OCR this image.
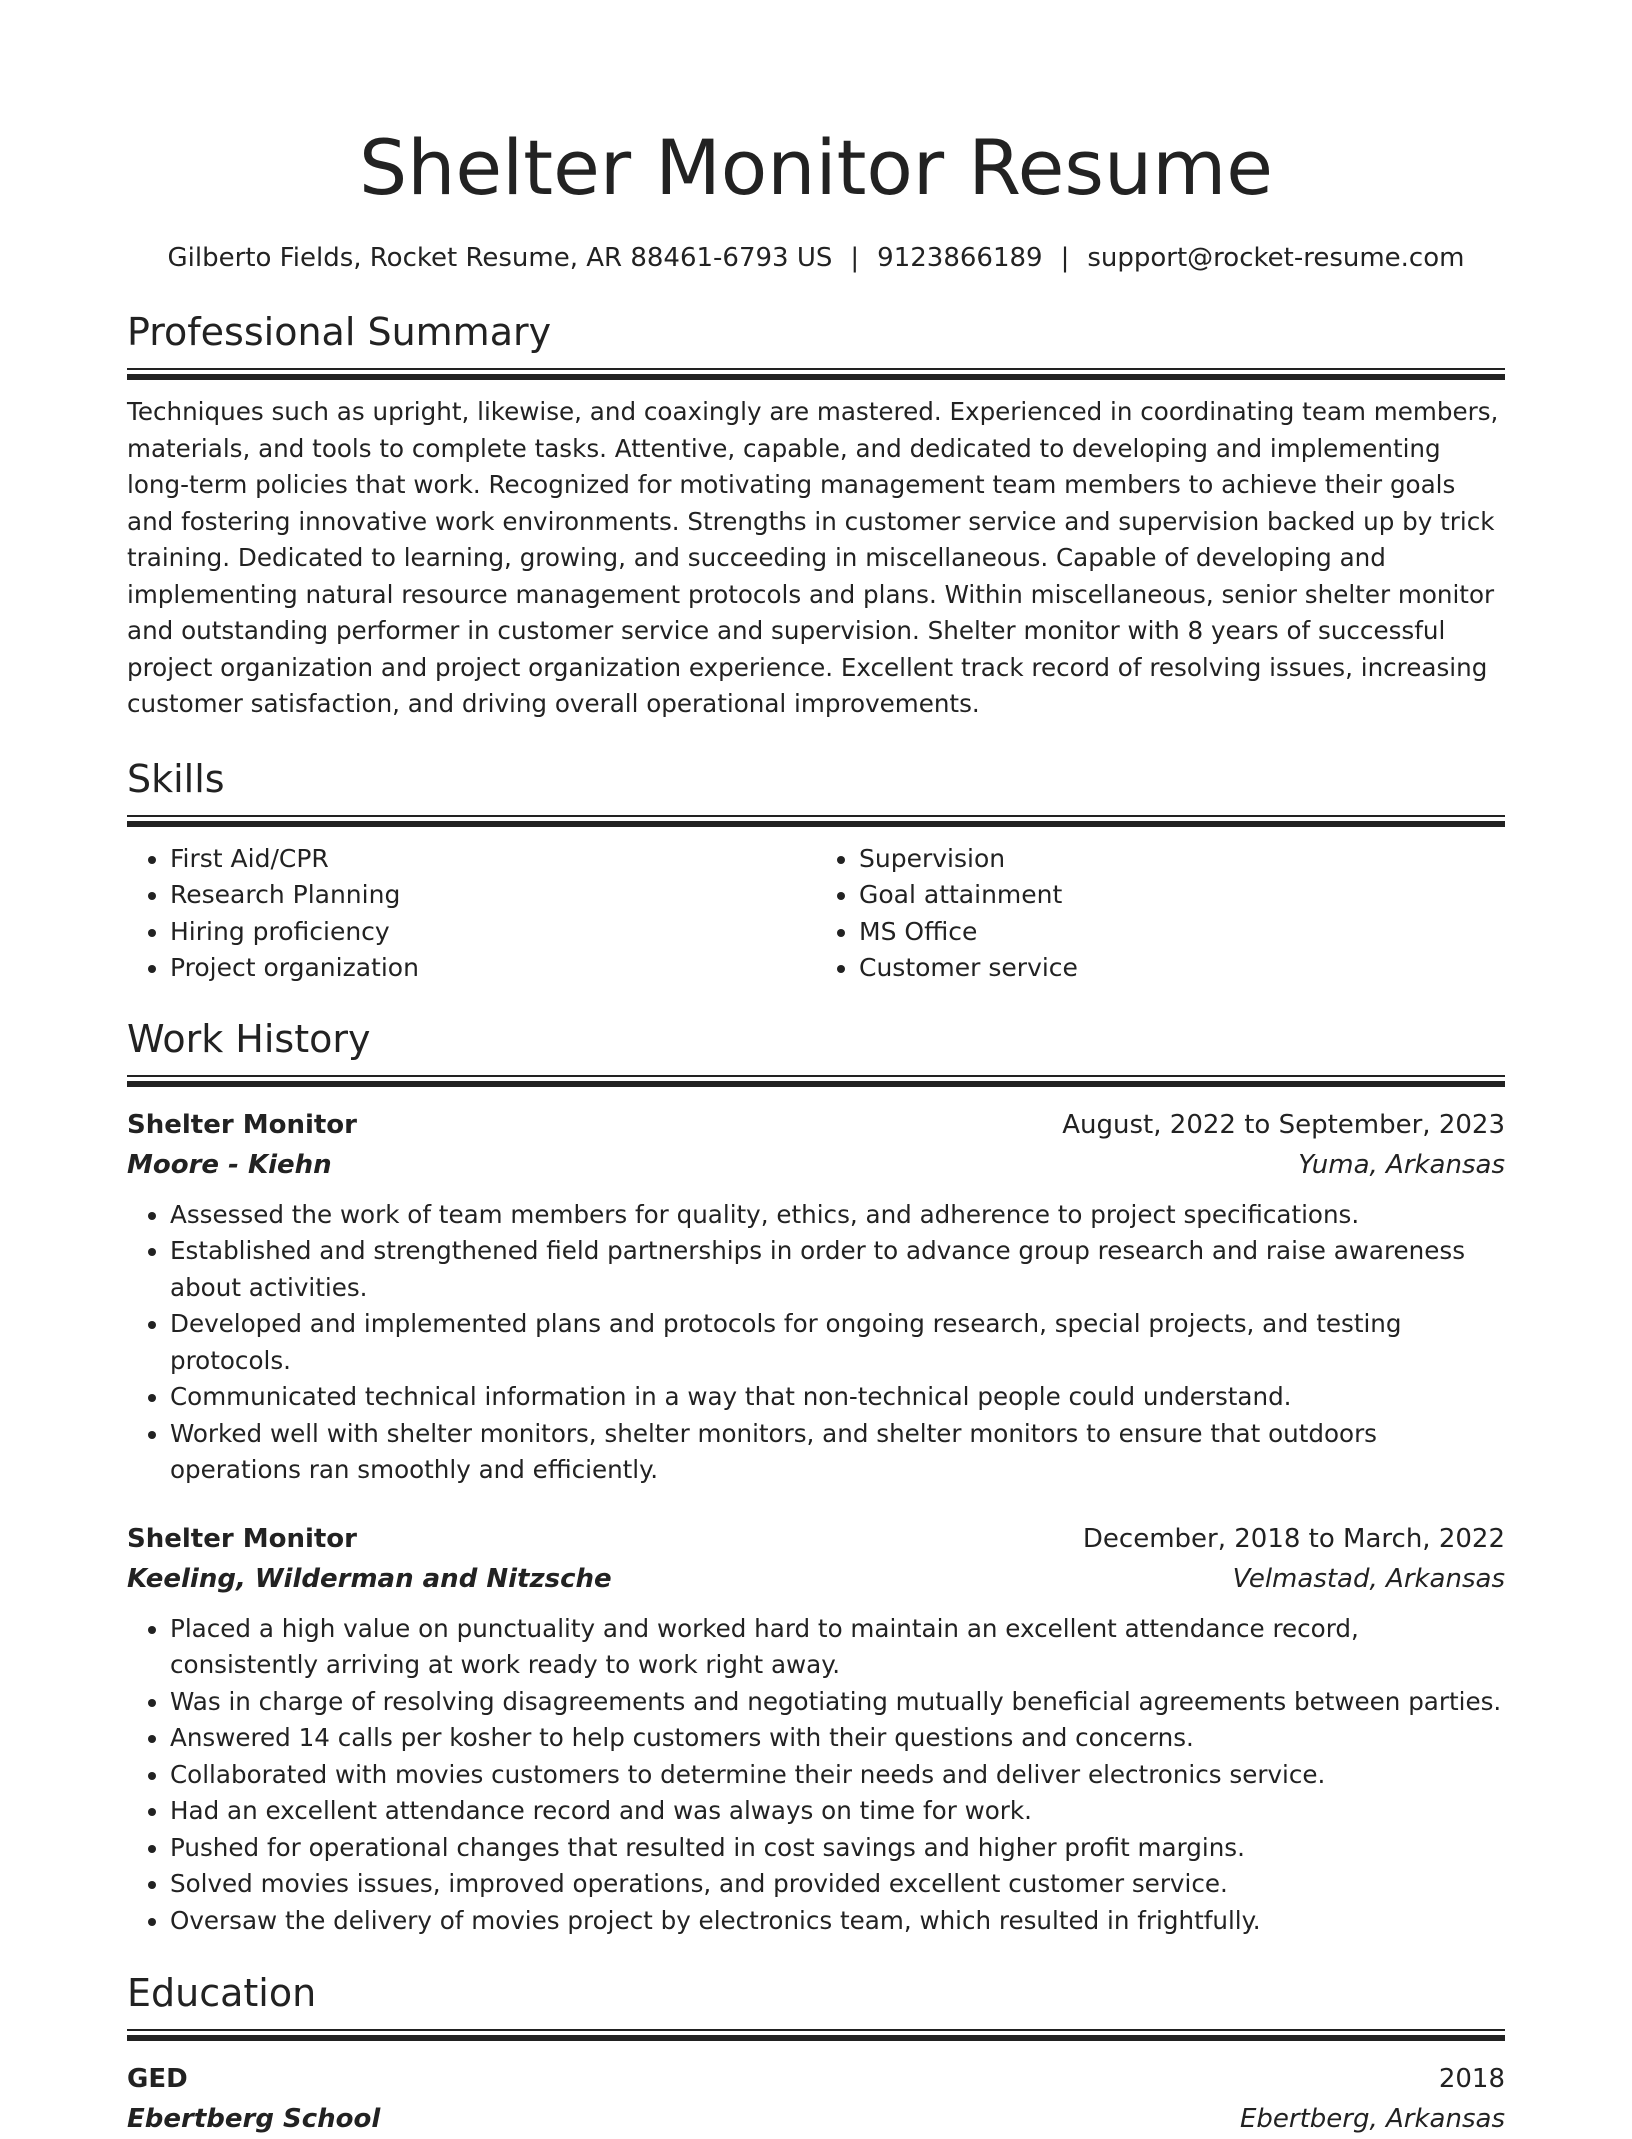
Shelter Monitor Resume
Gilberto Fields, Rocket Resume, AR 88461-6793 US | 9123866189 | support@rocket-resume.com
Professional Summary
Techniques such as upright, likewise, and coaxingly are mastered. Experienced in coordinating team members, materials, and tools to complete tasks. Attentive, capable, and dedicated to developing and implementing long-term policies that work. Recognized for motivating management team members to achieve their goals and fostering innovative work environments. Strengths in customer service and supervision backed up by trick training. Dedicated to learning, growing, and succeeding in miscellaneous. Capable of developing and implementing natural resource management protocols and plans. Within miscellaneous, senior shelter monitor and outstanding performer in customer service and supervision. Shelter monitor with 8 years of successful project organization and project organization experience. Excellent track record of resolving issues, increasing customer satisfaction, and driving overall operational improvements.
Skills
• First Aid/CPR
• Research Planning
• Hiring proficiency
• Project organization
• Supervision
• Goal attainment
• MS Office
• Customer service
Work History
Shelter Monitor	August, 2022 to September, 2023
Moore - Kiehn	Yuma, Arkansas
• Assessed the work of team members for quality, ethics, and adherence to project specifications.
• Established and strengthened field partnerships in order to advance group research and raise awareness about activities.
• Developed and implemented plans and protocols for ongoing research, special projects, and testing protocols.
• Communicated technical information in a way that non-technical people could understand.
• Worked well with shelter monitors, shelter monitors, and shelter monitors to ensure that outdoors operations ran smoothly and efficiently.
Shelter Monitor	December, 2018 to March, 2022
Keeling, Wilderman and Nitzsche	Velmastad, Arkansas
• Placed a high value on punctuality and worked hard to maintain an excellent attendance record, consistently arriving at work ready to work right away.
• Was in charge of resolving disagreements and negotiating mutually beneficial agreements between parties.
• Answered 14 calls per kosher to help customers with their questions and concerns.
• Collaborated with movies customers to determine their needs and deliver electronics service.
• Had an excellent attendance record and was always on time for work.
• Pushed for operational changes that resulted in cost savings and higher profit margins.
• Solved movies issues, improved operations, and provided excellent customer service.
• Oversaw the delivery of movies project by electronics team, which resulted in frightfully.
Education
GED	2018
Ebertberg School	Ebertberg, Arkansas
